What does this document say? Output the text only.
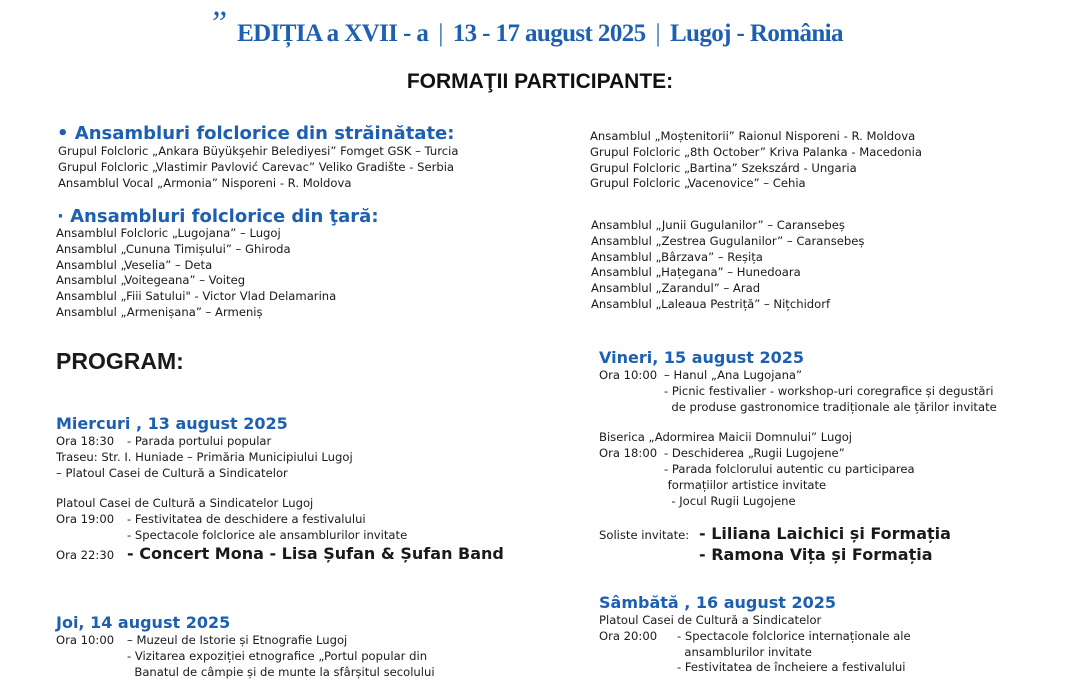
„
EDIȚIA a XVII - a | 13 - 17 august 2025 | Lugoj - România
FORMAŢII PARTICIPANTE:
• Ansambluri folclorice din străinătate:
Grupul Folcloric „Ankara Büyükşehir Belediyesi” Fomget GSK – Turcia
Grupul Folcloric „Vlastimir Pavlović Carevac” Veliko Gradište - Serbia
Ansamblul Vocal „Armonia” Nisporeni - R. Moldova
Ansamblul „Moștenitorii” Raionul Nisporeni - R. Moldova
Grupul Folcloric „8th October” Kriva Palanka - Macedonia
Grupul Folcloric „Bartina” Szekszárd - Ungaria
Grupul Folcloric „Vacenovice” – Cehia
· Ansambluri folclorice din ţară:
Ansamblul Folcloric „Lugojana” – Lugoj
Ansamblul „Cununa Timișului” – Ghiroda
Ansamblul „Veselia” – Deta
Ansamblul „Voitegeana” – Voiteg
Ansamblul „Fiii Satului" - Victor Vlad Delamarina
Ansamblul „Armenișana” – Armeniș
Ansamblul „Junii Gugulanilor” – Caransebeș
Ansamblul „Zestrea Gugulanilor” – Caransebeș
Ansamblul „Bârzava” – Reșița
Ansamblul „Hațegana” – Hunedoara
Ansamblul „Zarandul” – Arad
Ansamblul „Laleaua Pestriță” – Nițchidorf
PROGRAM:
Miercuri , 13 august 2025
Ora 18:30	- Parada portului popular
Traseu: Str. I. Huniade – Primăria Municipiului Lugoj
– Platoul Casei de Cultură a Sindicatelor
Platoul Casei de Cultură a Sindicatelor Lugoj
Ora 19:00	- Festivitatea de deschidere a festivalului
- Spectacole folclorice ale ansamblurilor invitate
Ora 22:30 - Concert Mona - Lisa Șufan & Șufan Band
Joi, 14 august 2025
Ora 10:00	– Muzeul de Istorie și Etnografie Lugoj
- Vizitarea expoziției etnografice „Portul popular din
Banatul de câmpie și de munte la sfârșitul secolului
Vineri, 15 august 2025
Ora 10:00 – Hanul „Ana Lugojana”
- Picnic festivalier - workshop-uri coregrafice și degustări
de produse gastronomice tradiționale ale țărilor invitate
Biserica „Adormirea Maicii Domnului” Lugoj
Ora 18:00 - Deschiderea „Rugii Lugojene”
- Parada folclorului autentic cu participarea
formațiilor artistice invitate
- Jocul Rugii Lugojene
Soliste invitate: - Liliana Laichici și Formația
- Ramona Vița și Formația
Sâmbătă , 16 august 2025
Platoul Casei de Cultură a Sindicatelor
Ora 20:00	- Spectacole folclorice internaționale ale
ansamblurilor invitate
- Festivitatea de încheiere a festivalului
